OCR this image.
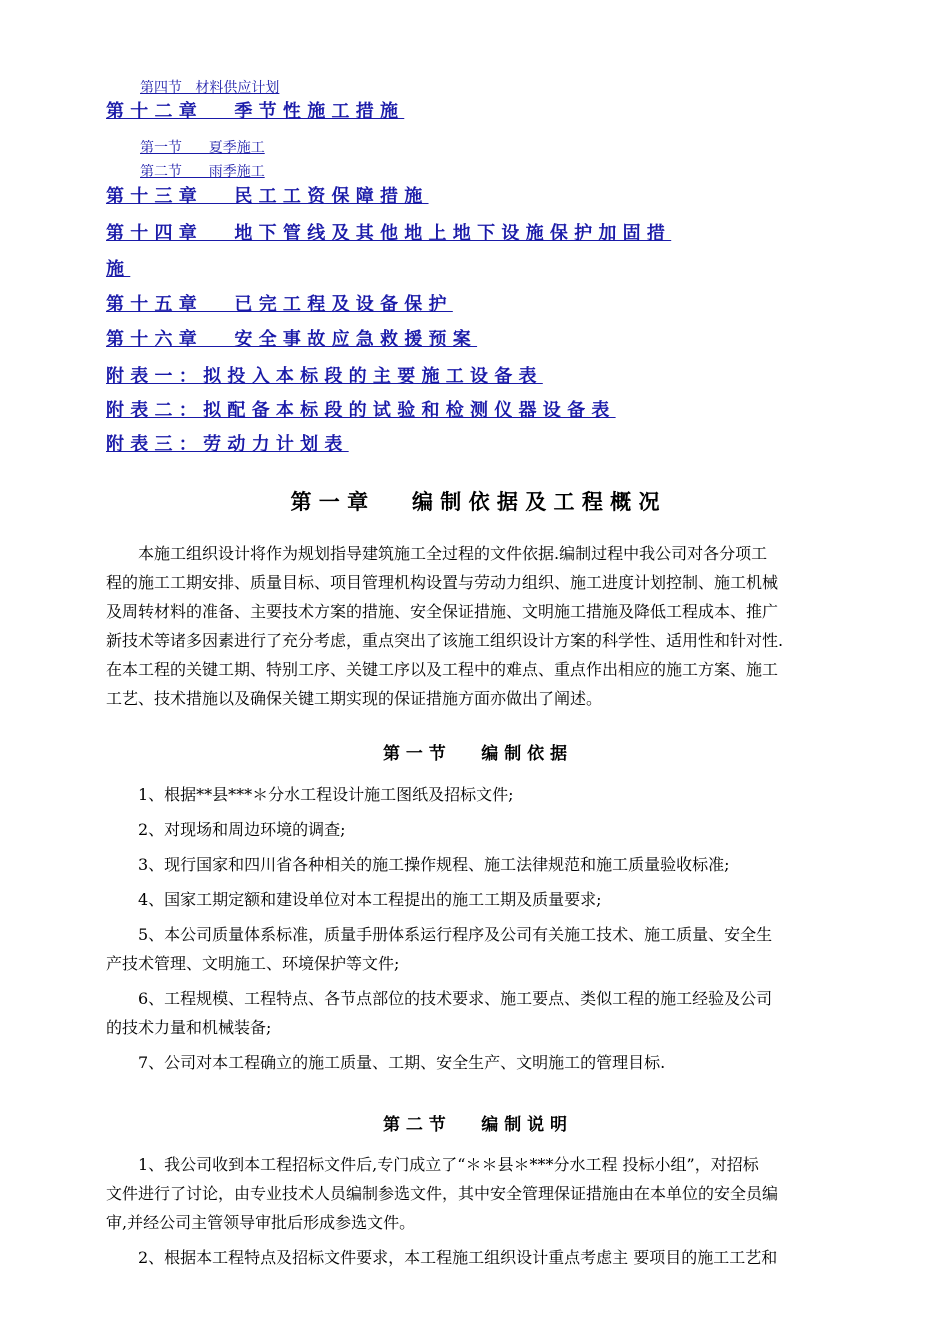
第四节   材料供应计划
第 十 二 章      季 节 性 施 工 措 施
第一节      夏季施工
第二节      雨季施工
第 十 三 章      民 工 工 资 保 障 措 施
第 十 四 章      地 下 管 线 及 其 他 地 上 地 下 设 施 保 护 加 固 措
施
第 十 五 章      已 完 工 程 及 设 备 保 护
第 十 六 章      安 全 事 故 应 急 救 援 预 案
附 表 一 ： 拟 投 入 本 标 段 的 主 要 施 工 设 备 表
附 表 二 ： 拟 配 备 本 标 段 的 试 验 和 检 测 仪 器 设 备 表
附 表 三 ： 劳 动 力 计 划 表
第 一 章      编 制 依 据 及 工 程 概 况
　　本施工组织设计将作为规划指导建筑施工全过程的文件依据.编制过程中我公司对各分项工
程的施工工期安排、质量目标、项目管理机构设置与劳动力组织、施工进度计划控制、施工机械
及周转材料的准备、主要技术方案的措施、安全保证措施、文明施工措施及降低工程成本、推广
新技术等诸多因素进行了充分考虑，重点突出了该施工组织设计方案的科学性、适用性和针对性.
在本工程的关键工期、特别工序、关键工序以及工程中的难点、重点作出相应的施工方案、施工
工艺、技术措施以及确保关键工期实现的保证措施方面亦做出了阐述。
第 一 节      编 制 依 据
　　1、根据**县***＊分水工程设计施工图纸及招标文件;
　　2、对现场和周边环境的调查;
　　3、现行国家和四川省各种相关的施工操作规程、施工法律规范和施工质量验收标准;
　　4、国家工期定额和建设单位对本工程提出的施工工期及质量要求;
　　5、本公司质量体系标准，质量手册体系运行程序及公司有关施工技术、施工质量、安全生
产技术管理、文明施工、环境保护等文件;
　　6、工程规模、工程特点、各节点部位的技术要求、施工要点、类似工程的施工经验及公司
的技术力量和机械装备;
　　7、公司对本工程确立的施工质量、工期、安全生产、文明施工的管理目标.
第 二 节      编 制 说 明
　　1、我公司收到本工程招标文件后,专门成立了“＊＊县＊***分水工程 投标小组”，对招标
文件进行了讨论，由专业技术人员编制参选文件，其中安全管理保证措施由在本单位的安全员编
审,并经公司主管领导审批后形成参选文件。
　　2、根据本工程特点及招标文件要求，本工程施工组织设计重点考虑主 要项目的施工工艺和
